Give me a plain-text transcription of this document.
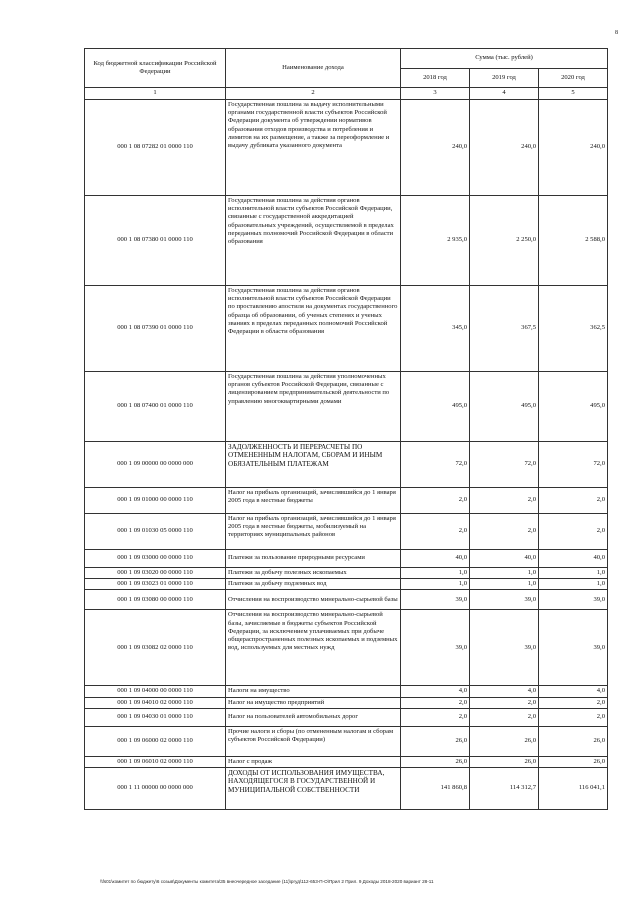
8
Код бюджетной классификации Российской Федерации	Наименование дохода	Сумма (тыс. рублей)		
		2018 год	2019 год	2020 год
1	2	3	4	5
000 1 08 07282 01 0000 110	Государственная пошлина за выдачу исполнительными органами государственной власти субъектов Российской Федерации документа об утверждении нормативов образования отходов производства и потребления и лимитов на их размещение, а также за переоформление и выдачу дубликата указанного документа	240,0	240,0	240,0
000 1 08 07380 01 0000 110	Государственная пошлина за действия органов исполнительной власти субъектов Российской Федерации, связанные с государственной аккредитацией образовательных учреждений, осуществляемой в пределах переданных полномочий Российской Федерации в области образования	2 935,0	2 250,0	2 588,0
000 1 08 07390 01 0000 110	Государственная пошлина за действия органов исполнительной власти субъектов Российской Федерации по проставлению апостиля на документах государственного образца об образовании, об ученых степенях и ученых званиях в пределах переданных полномочий Российской Федерации в области образования	345,0	367,5	362,5
000 1 08 07400 01 0000 110	Государственная пошлина за действия уполномоченных органов субъектов Российской Федерации, связанные с лицензированием предпринимательской деятельности по управлению многоквартирными домами	495,0	495,0	495,0
000 1 09 00000 00 0000 000	ЗАДОЛЖЕННОСТЬ И ПЕРЕРАСЧЕТЫ ПО ОТМЕНЕННЫМ НАЛОГАМ, СБОРАМ И ИНЫМ ОБЯЗАТЕЛЬНЫМ ПЛАТЕЖАМ	72,0	72,0	72,0
000 1 09 01000 00 0000 110	Налог на прибыль организаций, зачислявшийся до 1 января 2005 года в местные бюджеты	2,0	2,0	2,0
000 1 09 01030 05 0000 110	Налог на прибыль организаций, зачислявшийся до 1 января 2005 года в местные бюджеты, мобилизуемый на территориях муниципальных районов	2,0	2,0	2,0
000 1 09 03000 00 0000 110	Платежи за пользование природными ресурсами	40,0	40,0	40,0
000 1 09 03020 00 0000 110	Платежи за добычу полезных ископаемых	1,0	1,0	1,0
000 1 09 03023 01 0000 110	Платежи за добычу подземных вод	1,0	1,0	1,0
000 1 09 03080 00 0000 110	Отчисления на воспроизводство минерально-сырьевой базы	39,0	39,0	39,0
000 1 09 03082 02 0000 110	Отчисления на воспроизводство минерально-сырьевой базы, зачисляемые в бюджеты субъектов Российской Федерации, за исключением уплачиваемых при добыче общераспространенных полезных ископаемых и подземных вод, используемых для местных нужд	39,0	39,0	39,0
000 1 09 04000 00 0000 110	Налоги на имущество	4,0	4,0	4,0
000 1 09 04010 02 0000 110	Налог на имущество предприятий	2,0	2,0	2,0
000 1 09 04030 01 0000 110	Налог на пользователей автомобильных дорог	2,0	2,0	2,0
000 1 09 06000 02 0000 110	Прочие налоги и сборы (по отмененным налогам и сборам субъектов Российской Федерации)	26,0	26,0	26,0
000 1 09 06010 02 0000 110	Налог с продаж	26,0	26,0	26,0
000 1 11 00000 00 0000 000	ДОХОДЫ ОТ ИСПОЛЬЗОВАНИЯ ИМУЩЕСТВА, НАХОДЯЩЕГОСЯ В ГОСУДАРСТВЕННОЙ И МУНИЦИПАЛЬНОЙ СОБСТВЕННОСТИ	141 860,8	114 312,7	116 041,1
\\fs01\комитет по бюджету\6 созыв\Документы комитета\35 внеочередное заседание (11)\ргуд\112-653-П-О\Прил 2 Прил. 9 Доходы 2018-2020 вариант 28-11
